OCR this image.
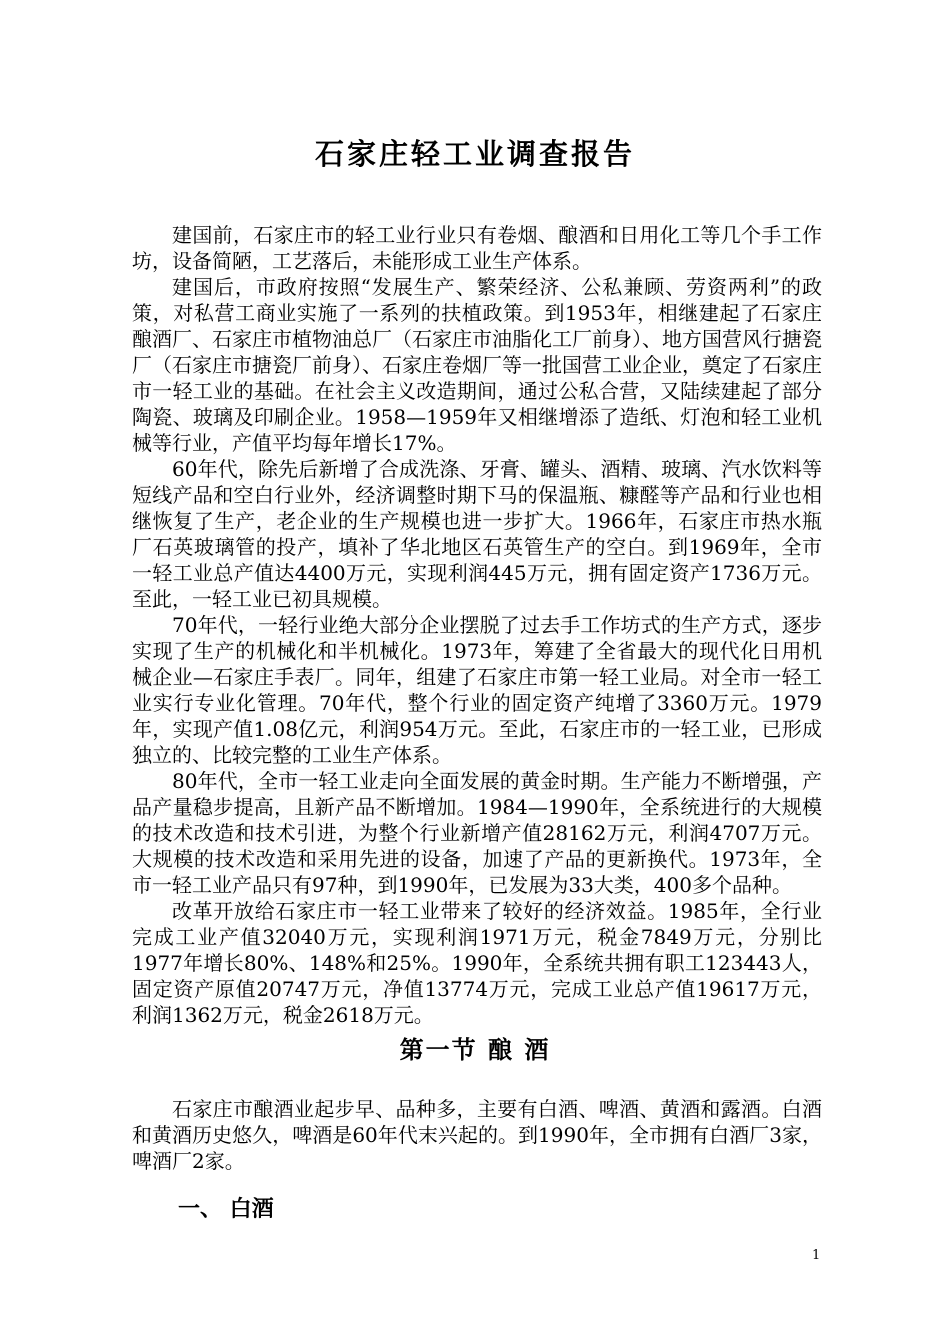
石家庄轻工业调查报告

建国前，石家庄市的轻工业行业只有卷烟、酿酒和日用化工等几个手工作坊，设备简陋，工艺落后，未能形成工业生产体系。

建国后，市政府按照“发展生产、繁荣经济、公私兼顾、劳资两利”的政策，对私营工商业实施了一系列的扶植政策。到1953年，相继建起了石家庄酿酒厂、石家庄市植物油总厂（石家庄市油脂化工厂前身）、地方国营风行搪瓷厂（石家庄市搪瓷厂前身）、石家庄卷烟厂等一批国营工业企业，奠定了石家庄市一轻工业的基础。在社会主义改造期间，通过公私合营，又陆续建起了部分陶瓷、玻璃及印刷企业。1958—1959年又相继增添了造纸、灯泡和轻工业机械等行业，产值平均每年增长17%。

60年代，除先后新增了合成洗涤、牙膏、罐头、酒精、玻璃、汽水饮料等短线产品和空白行业外，经济调整时期下马的保温瓶、糠醛等产品和行业也相继恢复了生产，老企业的生产规模也进一步扩大。1966年，石家庄市热水瓶厂石英玻璃管的投产，填补了华北地区石英管生产的空白。到1969年，全市一轻工业总产值达4400万元，实现利润445万元，拥有固定资产1736万元。至此，一轻工业已初具规模。

70年代，一轻行业绝大部分企业摆脱了过去手工作坊式的生产方式，逐步实现了生产的机械化和半机械化。1973年，筹建了全省最大的现代化日用机械企业—石家庄手表厂。同年，组建了石家庄市第一轻工业局。对全市一轻工业实行专业化管理。70年代，整个行业的固定资产纯增了3360万元。1979年，实现产值1.08亿元，利润954万元。至此，石家庄市的一轻工业，已形成独立的、比较完整的工业生产体系。

80年代，全市一轻工业走向全面发展的黄金时期。生产能力不断增强，产品产量稳步提高，且新产品不断增加。1984—1990年，全系统进行的大规模的技术改造和技术引进，为整个行业新增产值28162万元，利润4707万元。大规模的技术改造和采用先进的设备，加速了产品的更新换代。1973年，全市一轻工业产品只有97种，到1990年，已发展为33大类，400多个品种。

改革开放给石家庄市一轻工业带来了较好的经济效益。1985年，全行业完成工业产值32040万元，实现利润1971万元，税金7849万元，分别比1977年增长80%、148%和25%。1990年，全系统共拥有职工123443人，固定资产原值20747万元，净值13774万元，完成工业总产值19617万元，利润1362万元，税金2618万元。

第一节 酿 酒

石家庄市酿酒业起步早、品种多，主要有白酒、啤酒、黄酒和露酒。白酒和黄酒历史悠久，啤酒是60年代末兴起的。到1990年，全市拥有白酒厂3家，啤酒厂2家。

一、 白酒
1
